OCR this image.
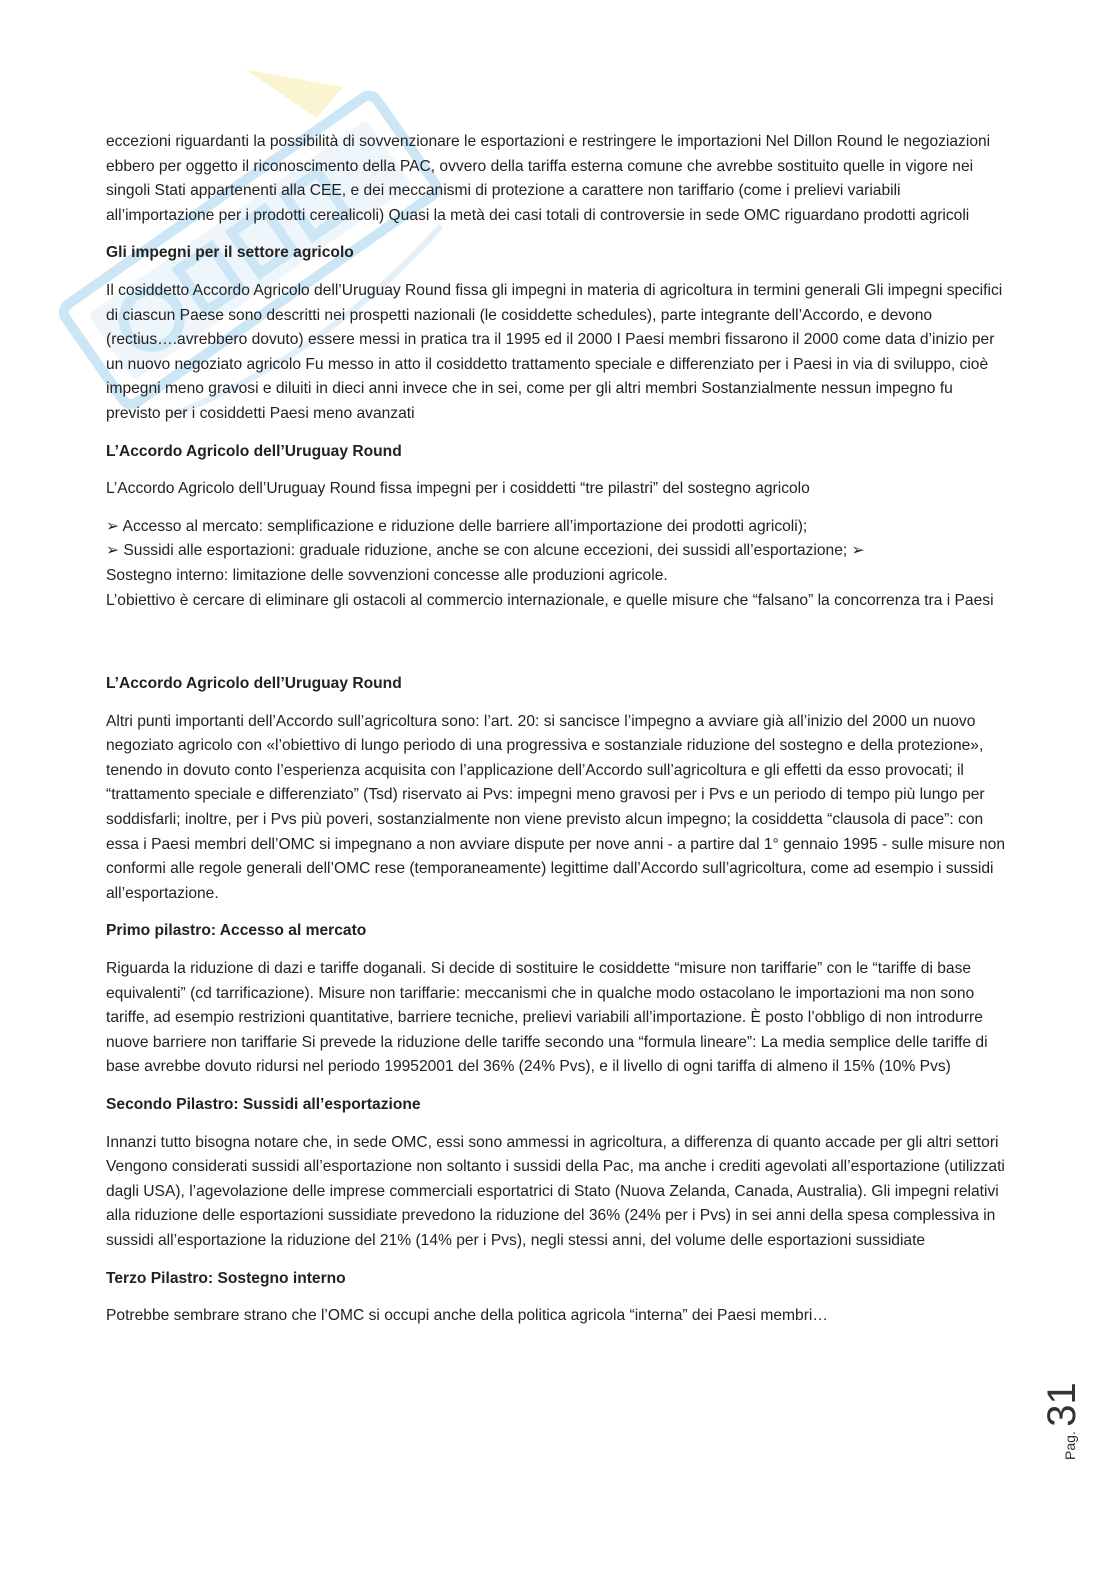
eccezioni riguardanti la possibilità di sovvenzionare le esportazioni e restringere le importazioni Nel Dillon Round le negoziazioni ebbero per oggetto il riconoscimento della PAC, ovvero della tariffa esterna comune che avrebbe sostituito quelle in vigore nei singoli Stati appartenenti alla CEE, e dei meccanismi di protezione a carattere non tariffario (come i prelievi variabili all’importazione per i prodotti cerealicoli) Quasi la metà dei casi totali di controversie in sede OMC riguardano prodotti agricoli

Gli impegni per il settore agricolo

Il cosiddetto Accordo Agricolo dell’Uruguay Round fissa gli impegni in materia di agricoltura in termini generali Gli impegni specifici di ciascun Paese sono descritti nei prospetti nazionali (le cosiddette schedules), parte integrante dell’Accordo, e devono (rectius….avrebbero dovuto) essere messi in pratica tra il 1995 ed il 2000 I Paesi membri fissarono il 2000 come data d’inizio per un nuovo negoziato agricolo Fu messo in atto il cosiddetto trattamento speciale e differenziato per i Paesi in via di sviluppo, cioè impegni meno gravosi e diluiti in dieci anni invece che in sei, come per gli altri membri Sostanzialmente nessun impegno fu previsto per i cosiddetti Paesi meno avanzati

L’Accordo Agricolo dell’Uruguay Round

L’Accordo Agricolo dell’Uruguay Round fissa impegni per i cosiddetti “tre pilastri” del sostegno agricolo

➢ Accesso al mercato: semplificazione e riduzione delle barriere all’importazione dei prodotti agricoli);
➢ Sussidi alle esportazioni: graduale riduzione, anche se con alcune eccezioni, dei sussidi all’esportazione; ➢
Sostegno interno: limitazione delle sovvenzioni concesse alle produzioni agricole.
L’obiettivo è cercare di eliminare gli ostacoli al commercio internazionale, e quelle misure che “falsano” la concorrenza tra i Paesi

L’Accordo Agricolo dell’Uruguay Round

Altri punti importanti dell’Accordo sull’agricoltura sono: l’art. 20: si sancisce l’impegno a avviare già all’inizio del 2000 un nuovo negoziato agricolo con «l’obiettivo di lungo periodo di una progressiva e sostanziale riduzione del sostegno e della protezione», tenendo in dovuto conto l’esperienza acquisita con l’applicazione dell’Accordo sull’agricoltura e gli effetti da esso provocati; il “trattamento speciale e differenziato” (Tsd) riservato ai Pvs: impegni meno gravosi per i Pvs e un periodo di tempo più lungo per soddisfarli; inoltre, per i Pvs più poveri, sostanzialmente non viene previsto alcun impegno; la cosiddetta “clausola di pace”: con essa i Paesi membri dell’OMC si impegnano a non avviare dispute per nove anni - a partire dal 1° gennaio 1995 - sulle misure non conformi alle regole generali dell’OMC rese (temporaneamente) legittime dall’Accordo sull’agricoltura, come ad esempio i sussidi all’esportazione.

Primo pilastro: Accesso al mercato

Riguarda la riduzione di dazi e tariffe doganali. Si decide di sostituire le cosiddette “misure non tariffarie” con le “tariffe di base equivalenti” (cd tarrificazione). Misure non tariffarie: meccanismi che in qualche modo ostacolano le importazioni ma non sono tariffe, ad esempio restrizioni quantitative, barriere tecniche, prelievi variabili all’importazione. È posto l’obbligo di non introdurre nuove barriere non tariffarie Si prevede la riduzione delle tariffe secondo una “formula lineare”: La media semplice delle tariffe di base avrebbe dovuto ridursi nel periodo 19952001 del 36% (24% Pvs), e il livello di ogni tariffa di almeno il 15% (10% Pvs)

Secondo Pilastro: Sussidi all’esportazione

Innanzi tutto bisogna notare che, in sede OMC, essi sono ammessi in agricoltura, a differenza di quanto accade per gli altri settori Vengono considerati sussidi all’esportazione non soltanto i sussidi della Pac, ma anche i crediti agevolati all’esportazione (utilizzati dagli USA), l’agevolazione delle imprese commerciali esportatrici di Stato (Nuova Zelanda, Canada, Australia). Gli impegni relativi alla riduzione delle esportazioni sussidiate prevedono la riduzione del 36% (24% per i Pvs) in sei anni della spesa complessiva in sussidi all’esportazione la riduzione del 21% (14% per i Pvs), negli stessi anni, del volume delle esportazioni sussidiate

Terzo Pilastro: Sostegno interno

Potrebbe sembrare strano che l’OMC si occupi anche della politica agricola “interna” dei Paesi membri…

Pag. 31
